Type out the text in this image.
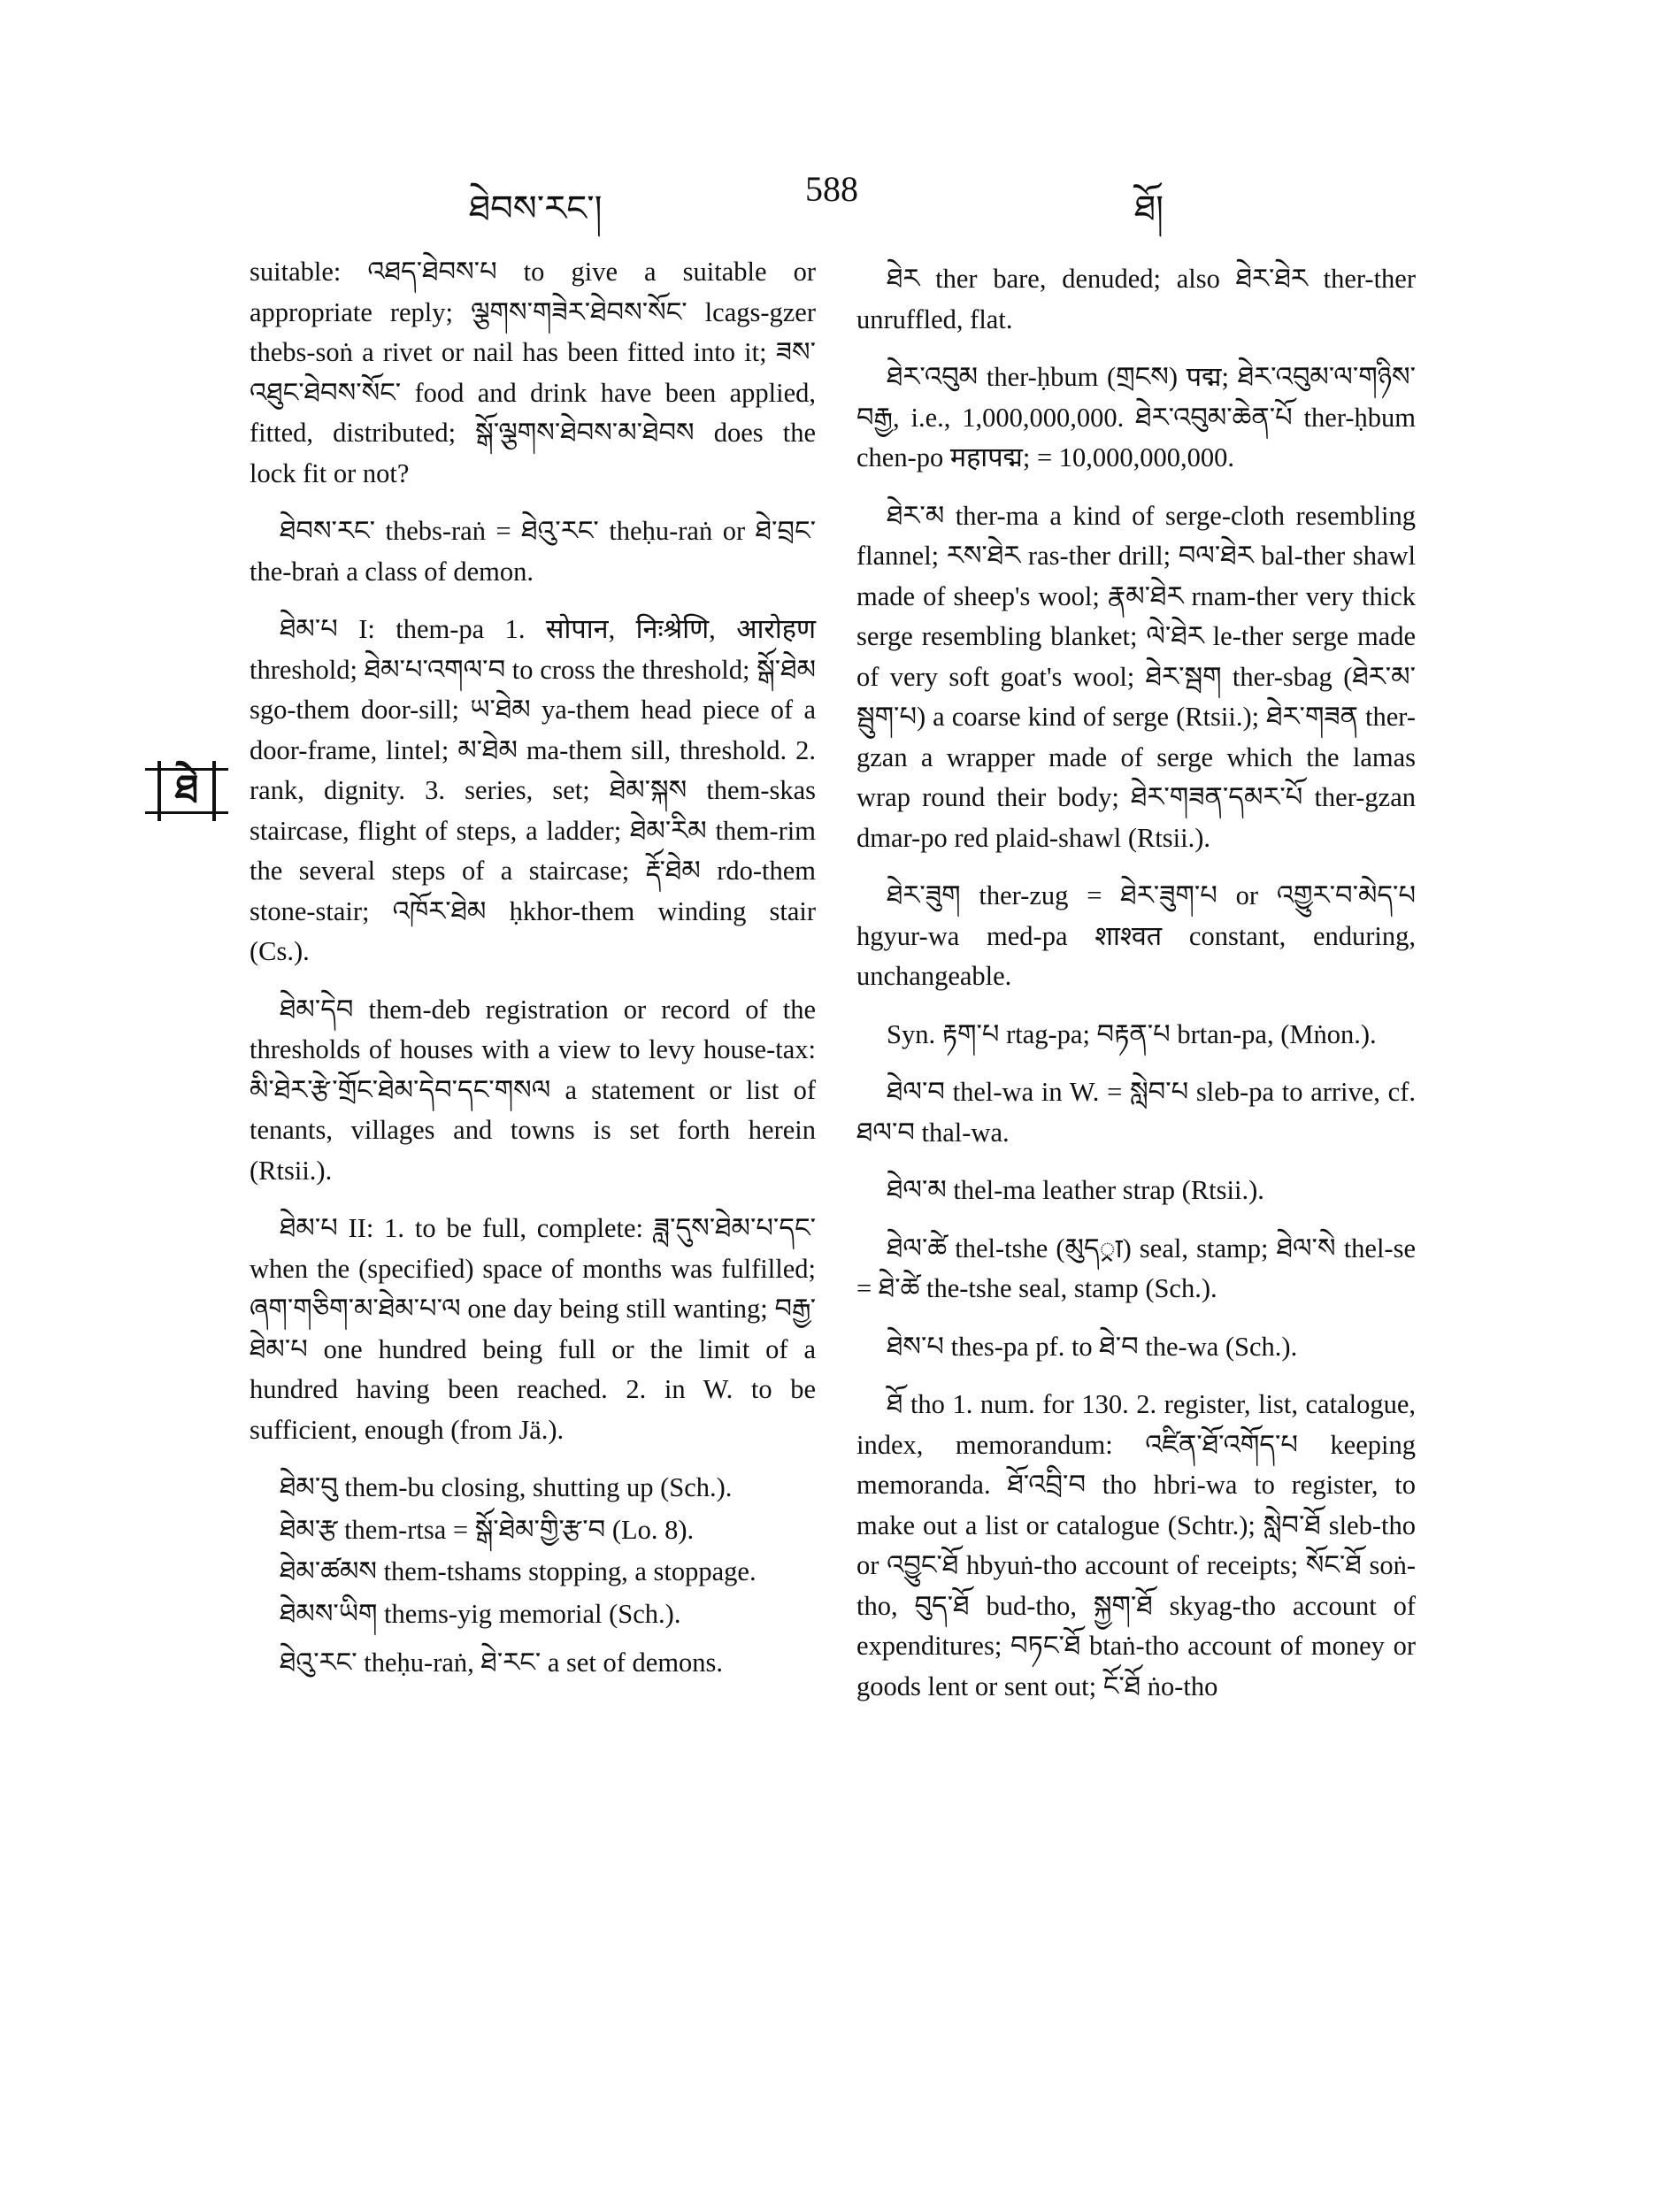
ཐེབས་རང་།	588	ཐོ།
ཐེ

suitable: འཐད་ཐེབས་པ to give a suitable or appropriate reply; ལྕགས་གཟེར་ཐེབས་སོང་ lcags-gzer thebs-soṅ a rivet or nail has been fitted into it; ཟས་འཐུང་ཐེབས་སོང་ food and drink have been applied, fitted, distributed; སྒོ་ལྕགས་ཐེབས་མ་ཐེབས does the lock fit or not?

ཐེབས་རང་ thebs-raṅ = ཐེའུ་རང་ theḥu-raṅ or ཐེ་བྲང་ the-braṅ a class of demon.

ཐེམ་པ I: them-pa 1. सोपान, निःश्रेणि, आरोहण threshold; ཐེམ་པ་འགལ་བ to cross the threshold; སྒོ་ཐེམ sgo-them door-sill; ཡ་ཐེམ ya-them head piece of a door-frame, lintel; མ་ཐེམ ma-them sill, threshold. 2. rank, dignity. 3. series, set; ཐེམ་སྐས them-skas staircase, flight of steps, a ladder; ཐེམ་རིམ them-rim the several steps of a staircase; རྡོ་ཐེམ rdo-them stone-stair; འཁོར་ཐེམ ḥkhor-them winding stair (Cs.).

ཐེམ་དེབ them-deb registration or record of the thresholds of houses with a view to levy house-tax: མི་ཐེར་རྩེ་གྲོང་ཐེམ་དེབ་དང་གསལ a statement or list of tenants, villages and towns is set forth herein (Rtsii.).

ཐེམ་པ II: 1. to be full, complete: ཟླ་དུས་ཐེམ་པ་དང་ when the (specified) space of months was fulfilled; ཞག་གཅིག་མ་ཐེམ་པ་ལ one day being still wanting; བརྒྱ་ཐེམ་པ one hundred being full or the limit of a hundred having been reached. 2. in W. to be sufficient, enough (from Jä.).

ཐེམ་བུ them-bu closing, shutting up (Sch.).

ཐེམ་རྩ them-rtsa = སྒོ་ཐེམ་གྱི་རྩ་བ (Lo. 8).

ཐེམ་ཚམས them-tshams stopping, a stoppage.

ཐེམས་ཡིག thems-yig memorial (Sch.).

ཐེའུ་རང་ theḥu-raṅ, ཐེ་རང་ a set of demons.

ཐེར ther bare, denuded; also ཐེར་ཐེར ther-ther unruffled, flat.

ཐེར་འབུམ ther-ḥbum (གྲངས) पद्म; ཐེར་འབུམ་ལ་གཉིས་བརྒྱ, i.e., 1,000,000,000. ཐེར་འབུམ་ཆེན་པོ ther-ḥbum chen-po महापद्म; = 10,000,000,000.

ཐེར་མ ther-ma a kind of serge-cloth resembling flannel; རས་ཐེར ras-ther drill; བལ་ཐེར bal-ther shawl made of sheep's wool; རྣམ་ཐེར rnam-ther very thick serge resembling blanket; ལེ་ཐེར le-ther serge made of very soft goat's wool; ཐེར་སྦག ther-sbag (ཐེར་མ་སྦུག་པ) a coarse kind of serge (Rtsii.); ཐེར་གཟན ther-gzan a wrapper made of serge which the lamas wrap round their body; ཐེར་གཟན་དམར་པོ ther-gzan dmar-po red plaid-shawl (Rtsii.).

ཐེར་ཟུག ther-zug = ཐེར་ཟུག་པ or འགྱུར་བ་མེད་པ hgyur-wa med-pa शाश्वत constant, enduring, unchangeable.

Syn. རྟག་པ rtag-pa; བརྟན་པ brtan-pa, (Mṅon.).

ཐེལ་བ thel-wa in W. = སླེབ་པ sleb-pa to arrive, cf. ཐལ་བ thal-wa.

ཐེལ་མ thel-ma leather strap (Rtsii.).

ཐེལ་ཚེ thel-tshe (མུད्रा) seal, stamp; ཐེལ་སེ thel-se = ཐེ་ཚེ the-tshe seal, stamp (Sch.).

ཐེས་པ thes-pa pf. to ཐེ་བ the-wa (Sch.).

ཐོ tho 1. num. for 130. 2. register, list, catalogue, index, memorandum: འཛིན་ཐོ་འགོད་པ keeping memoranda. ཐོ་འབྲི་བ tho hbri-wa to register, to make out a list or catalogue (Schtr.); སླེབ་ཐོ sleb-tho or འབྱུང་ཐོ hbyuṅ-tho account of receipts; སོང་ཐོ soṅ-tho, བུད་ཐོ bud-tho, སྐྱག་ཐོ skyag-tho account of expenditures; བཏང་ཐོ btaṅ-tho account of money or goods lent or sent out; ངོ་ཐོ ṅo-tho
